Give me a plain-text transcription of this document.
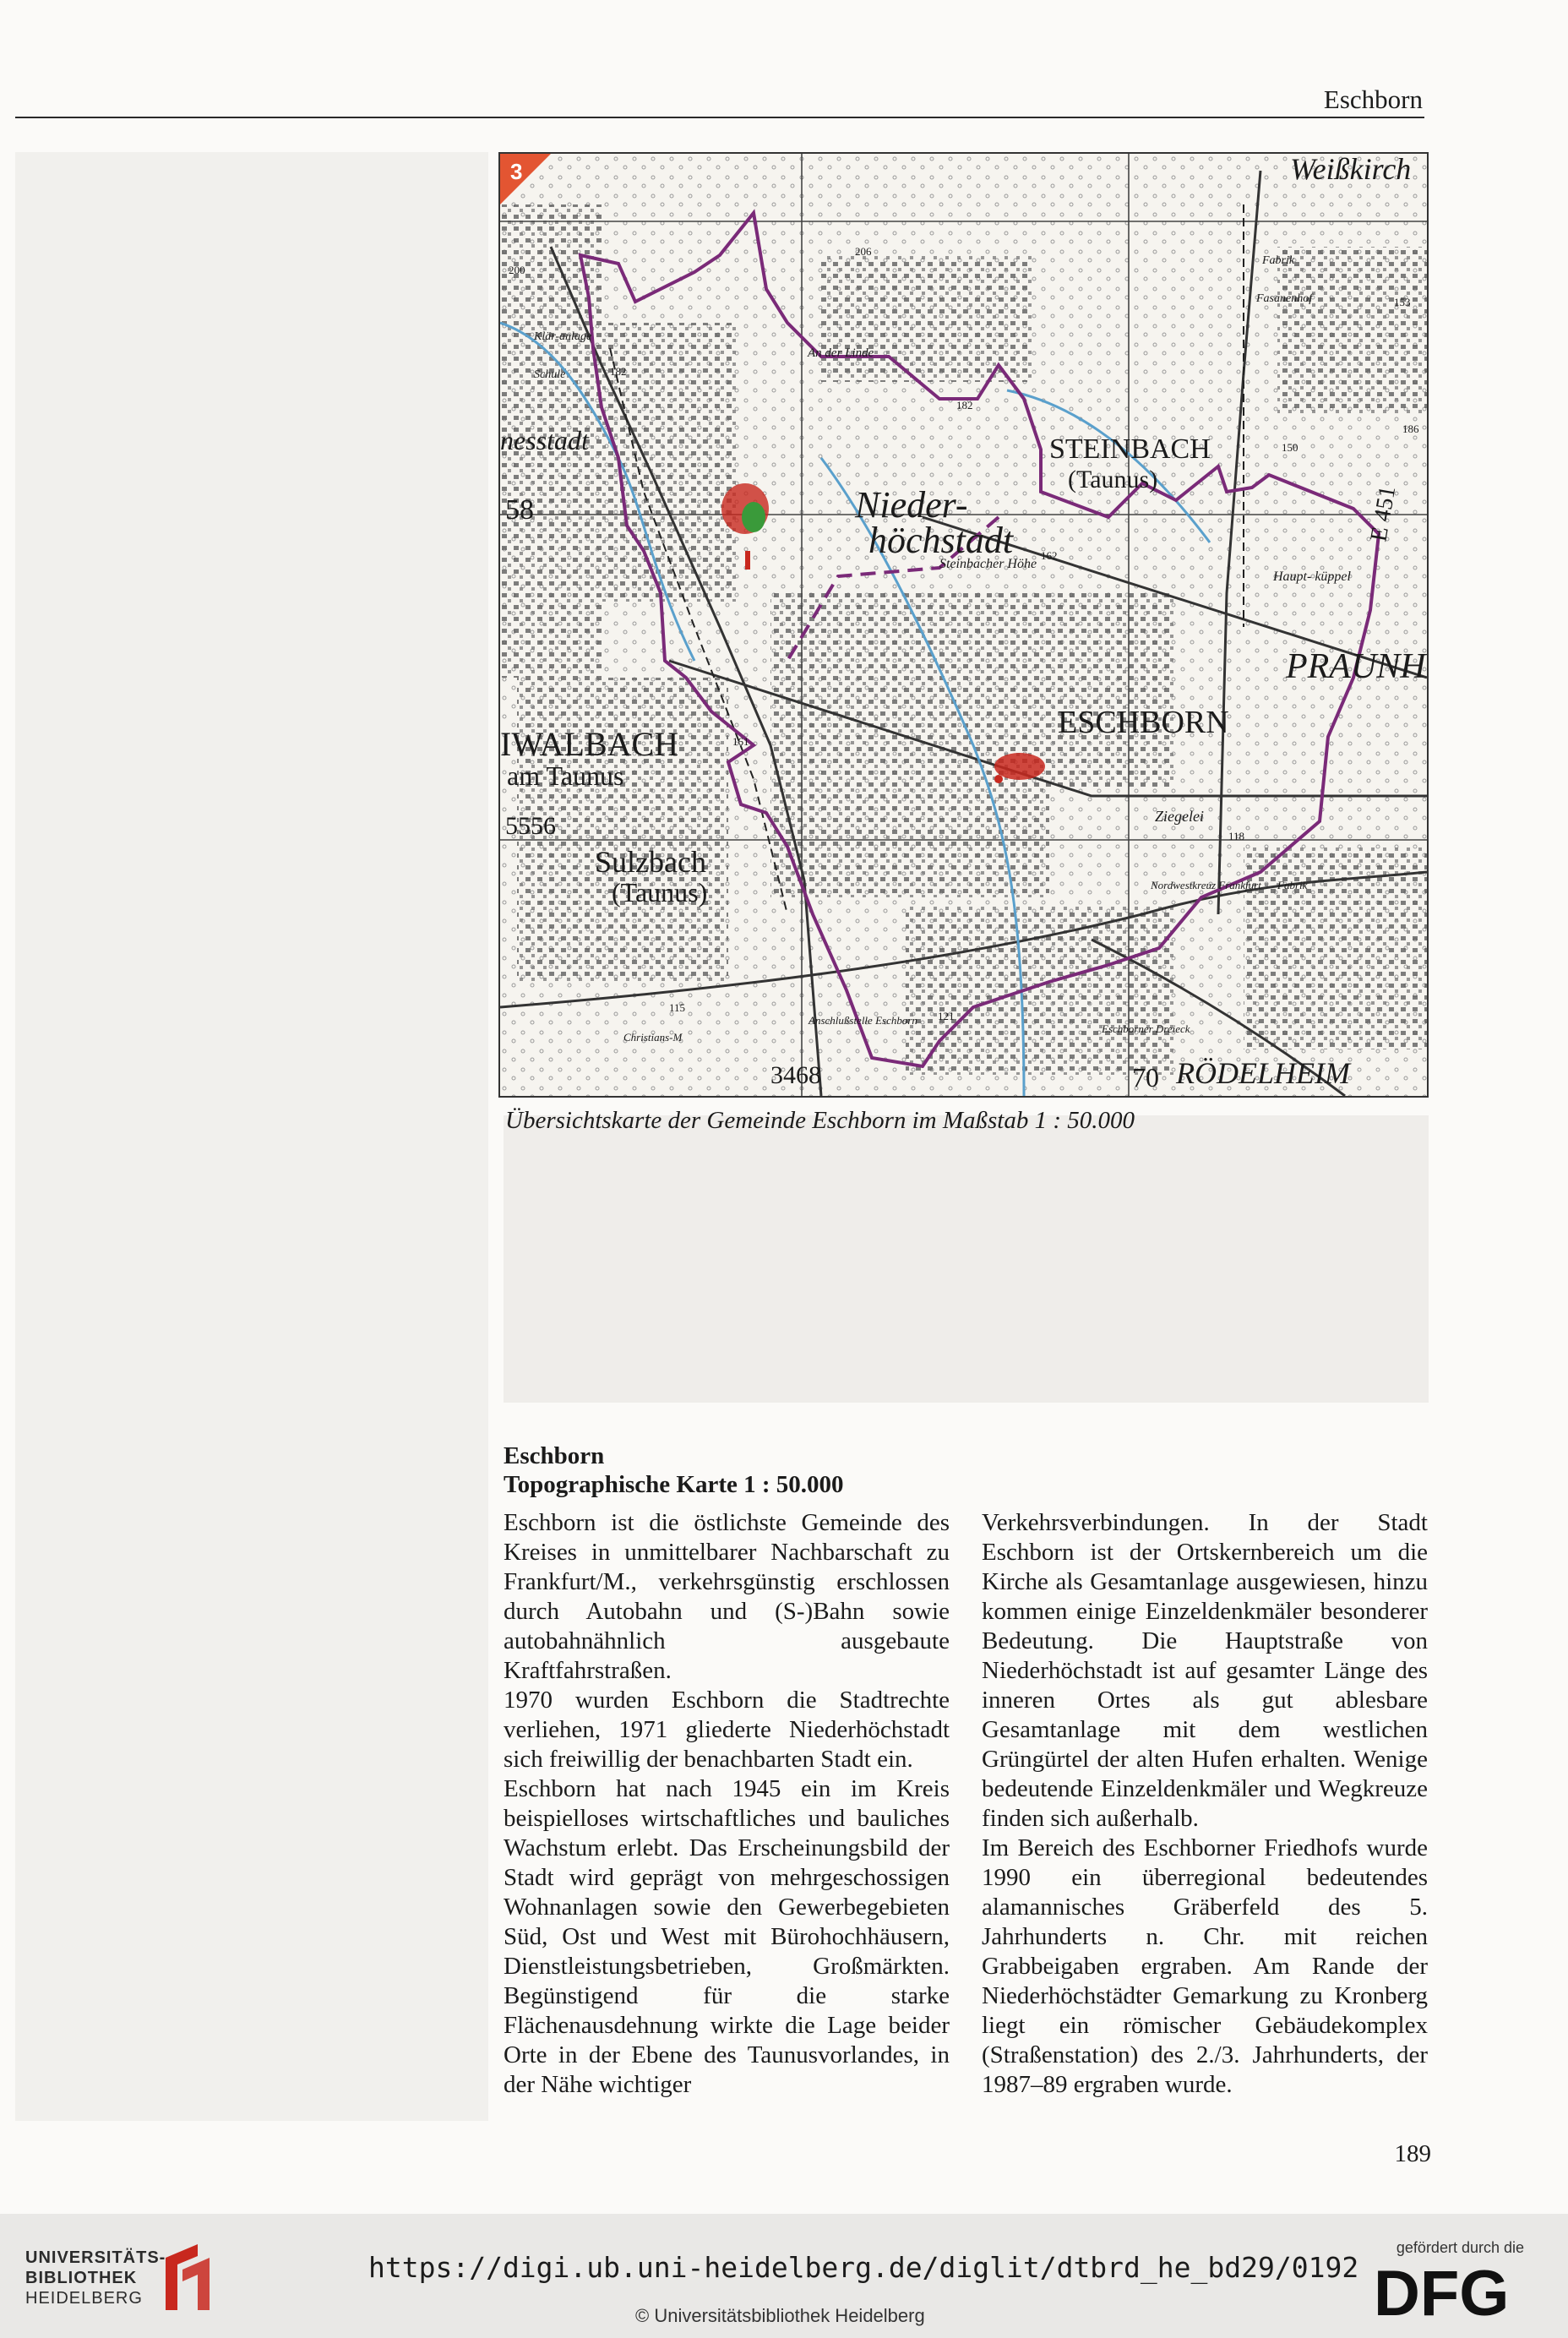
Eschborn
3	Weißkirch
Fabrik
Fasanenhof	153
An der Linde
206
200
Klär-anlage
Schule	182
182
nesstadt
58	Nieder-
höchstadt	162
Steinbacher Höhe
STEINBACH
(Taunus)
150
186
E 451
Haupt- küppel
PRAUNH
ESCHBORN
161
IWALBACH
am Taunus
5556	Ziegelei
118
Sulzbach
(Taunus)	Nordwestkreuz Frankfurt Fabrik
115
Christians-M
Anschlußstelle Eschborn 121
Eschborner Dreieck
3468	70 RÖDELHEIM
Übersichtskarte der Gemeinde Eschborn im Maßstab 1 : 50.000
Eschborn
Topographische Karte 1 : 50.000

Eschborn ist die östlichste Gemeinde des Kreises in unmittelbarer Nachbarschaft zu Frankfurt/M., verkehrsgünstig erschlossen durch Autobahn und (S-)Bahn sowie autobahnähnlich ausgebaute Kraftfahrstraßen.

1970 wurden Eschborn die Stadtrechte verliehen, 1971 gliederte Niederhöchstadt sich freiwillig der benachbarten Stadt ein.

Eschborn hat nach 1945 ein im Kreis beispielloses wirtschaftliches und bauliches Wachstum erlebt. Das Erscheinungsbild der Stadt wird geprägt von mehrgeschossigen Wohnanlagen sowie den Gewerbegebieten Süd, Ost und West mit Bürohochhäusern, Dienstleistungsbetrieben, Großmärkten. Begünstigend für die starke Flächenausdehnung wirkte die Lage beider Orte in der Ebene des Taunusvorlandes, in der Nähe wichtiger

Verkehrsverbindungen. In der Stadt Eschborn ist der Ortskernbereich um die Kirche als Gesamtanlage ausgewiesen, hinzu kommen einige Einzeldenkmäler besonderer Bedeutung. Die Hauptstraße von Niederhöchstadt ist auf gesamter Länge des inneren Ortes als gut ablesbare Gesamtanlage mit dem westlichen Grüngürtel der alten Hufen erhalten. Wenige bedeutende Einzeldenkmäler und Wegkreuze finden sich außerhalb.

Im Bereich des Eschborner Friedhofs wurde 1990 ein überregional bedeutendes alamannisches Gräberfeld des 5. Jahrhunderts n. Chr. mit reichen Grabbeigaben ergraben. Am Rande der Niederhöchstädter Gemarkung zu Kronberg liegt ein römischer Gebäudekomplex (Straßenstation) des 2./3. Jahrhunderts, der 1987–89 ergraben wurde.

189
UNIVERSITÄTS-
BIBLIOTHEK
HEIDELBERG
https://digi.ub.uni-heidelberg.de/diglit/dtbrd_he_bd29/0192
© Universitätsbibliothek Heidelberg
gefördert durch die
DFG
